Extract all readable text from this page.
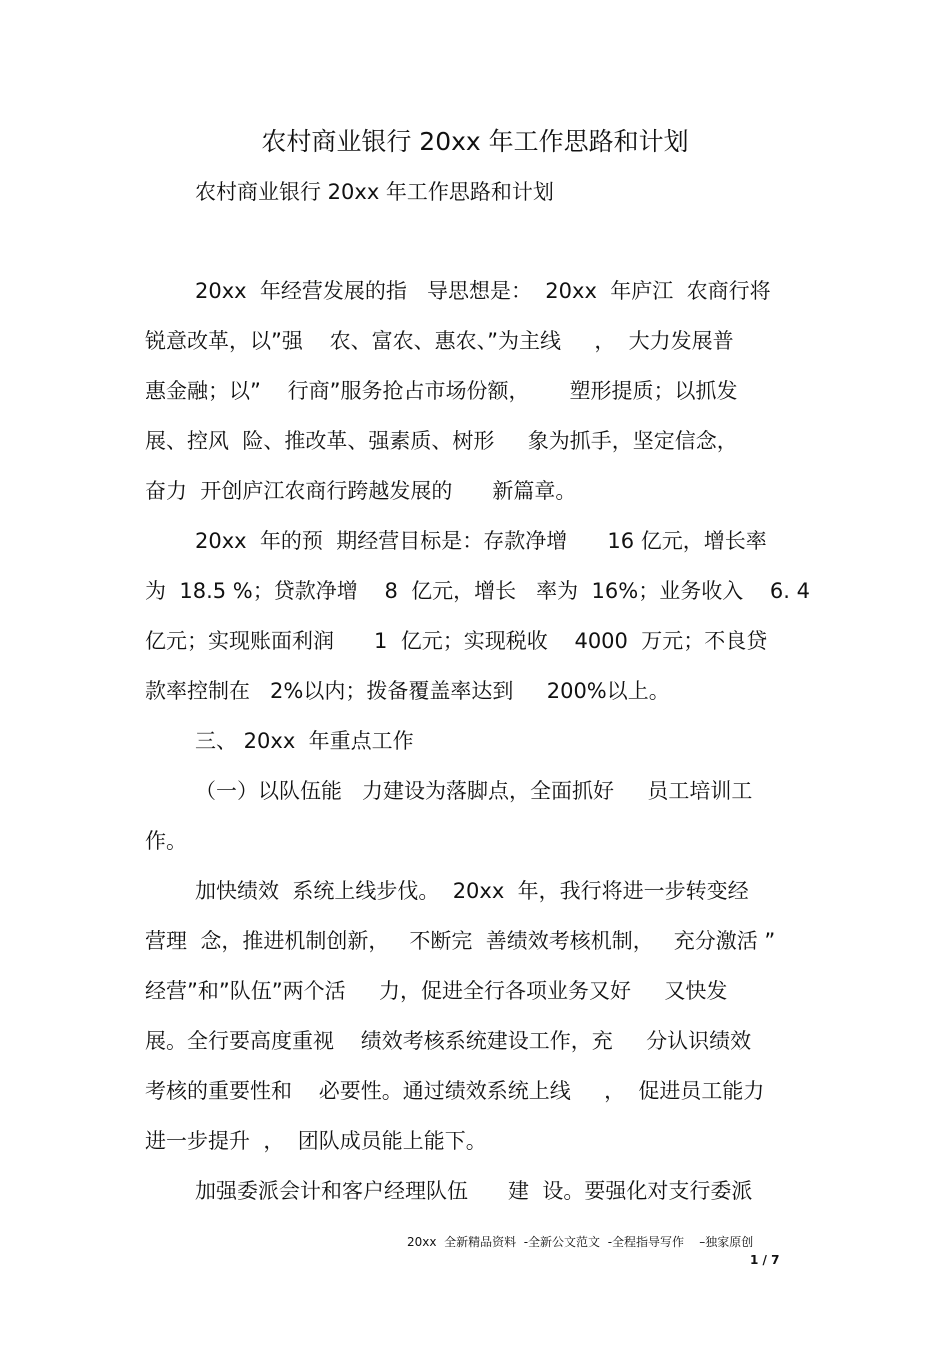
农村商业银行 20xx 年工作思路和计划
农村商业银行 20xx 年工作思路和计划
20xx  年经营发展的指   导思想是：  20xx  年庐江  农商行将
锐意改革，以”强    农、富农、惠农、”为主线     ，  大力发展普
惠金融；以”    行商”服务抢占市场份额，      塑形提质；以抓发
展、控风  险、推改革、强素质、树形     象为抓手，坚定信念，
奋力  开创庐江农商行跨越发展的      新篇章。
20xx  年的预  期经营目标是：存款净增      16 亿元，增长率
为  18.5 %；贷款净增    8  亿元，增长   率为  16%；业务收入    6. 4
亿元；实现账面利润      1  亿元；实现税收    4000  万元；不良贷
款率控制在   2%以内；拨备覆盖率达到     200%以上。
三、 20xx  年重点工作
（一）以队伍能   力建设为落脚点，全面抓好     员工培训工
作。
加快绩效  系统上线步伐。  20xx  年，我行将进一步转变经
营理  念，推进机制创新，   不断完  善绩效考核机制，   充分激活 ”
经营”和”队伍”两个活     力，促进全行各项业务又好     又快发
展。全行要高度重视    绩效考核系统建设工作，充     分认识绩效
考核的重要性和    必要性。通过绩效系统上线     ，  促进员工能力
进一步提升  ，  团队成员能上能下。
加强委派会计和客户经理队伍      建  设。要强化对支行委派
20xx  全新精品资料  -全新公文范文  -全程指导写作    –独家原创
1 / 7
